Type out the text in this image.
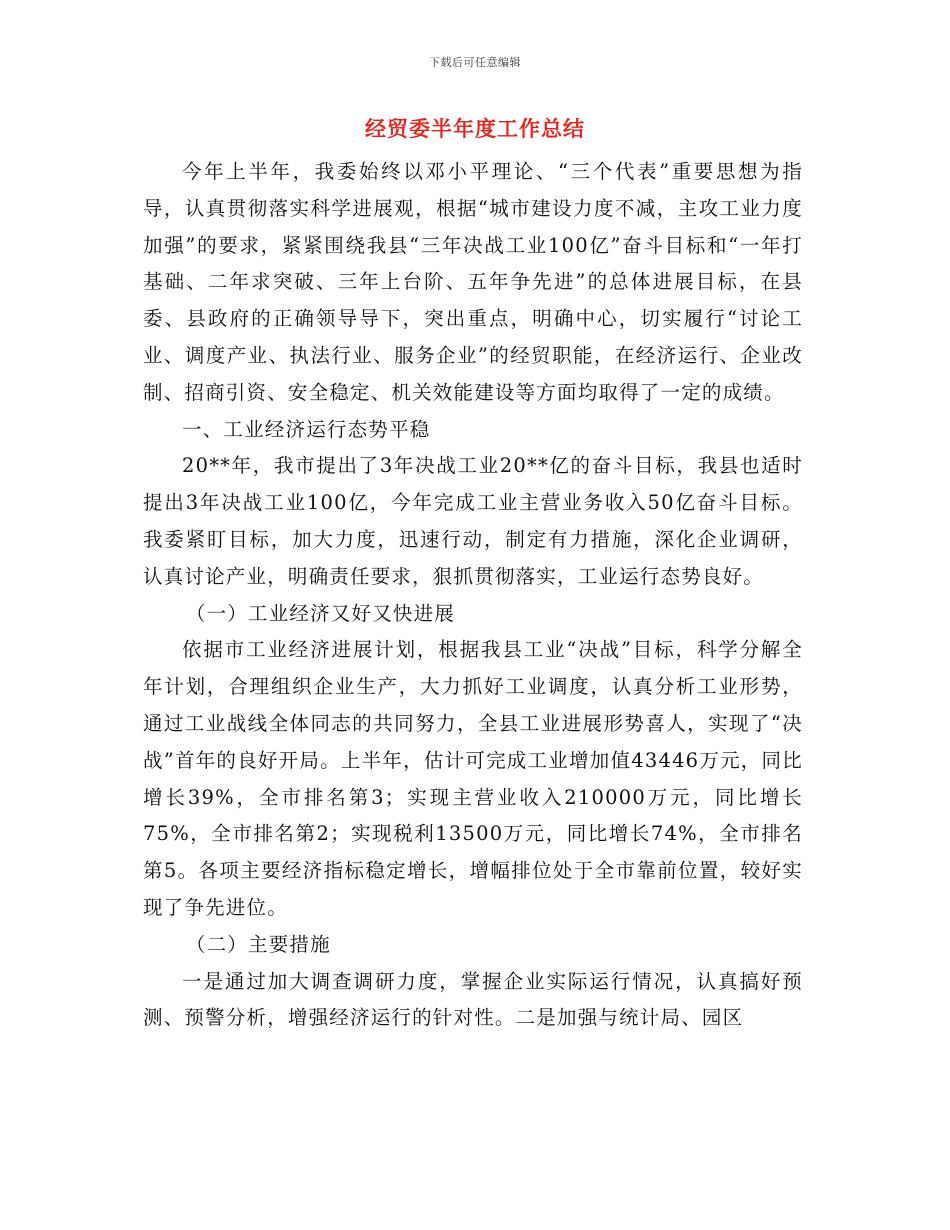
下载后可任意编辑
经贸委半年度工作总结

今年上半年，我委始终以邓小平理论、“三个代表”重要思想为指导，认真贯彻落实科学进展观，根据“城市建设力度不减，主攻工业力度加强”的要求，紧紧围绕我县“三年决战工业100亿”奋斗目标和“一年打基础、二年求突破、三年上台阶、五年争先进”的总体进展目标，在县委、县政府的正确领导导下，突出重点，明确中心，切实履行“讨论工业、调度产业、执法行业、服务企业”的经贸职能，在经济运行、企业改制、招商引资、安全稳定、机关效能建设等方面均取得了一定的成绩。

一、工业经济运行态势平稳

20**年，我市提出了3年决战工业20**亿的奋斗目标，我县也适时提出3年决战工业100亿，今年完成工业主营业务收入50亿奋斗目标。我委紧盯目标，加大力度，迅速行动，制定有力措施，深化企业调研，认真讨论产业，明确责任要求，狠抓贯彻落实，工业运行态势良好。

（一）工业经济又好又快进展

依据市工业经济进展计划，根据我县工业“决战”目标，科学分解全年计划，合理组织企业生产，大力抓好工业调度，认真分析工业形势，通过工业战线全体同志的共同努力，全县工业进展形势喜人，实现了“决战”首年的良好开局。上半年，估计可完成工业增加值43446万元，同比增长39%，全市排名第3；实现主营业收入210000万元，同比增长75%，全市排名第2；实现税利13500万元，同比增长74%，全市排名第5。各项主要经济指标稳定增长，增幅排位处于全市靠前位置，较好实现了争先进位。

（二）主要措施

一是通过加大调查调研力度，掌握企业实际运行情况，认真搞好预测、预警分析，增强经济运行的针对性。二是加强与统计局、园区
